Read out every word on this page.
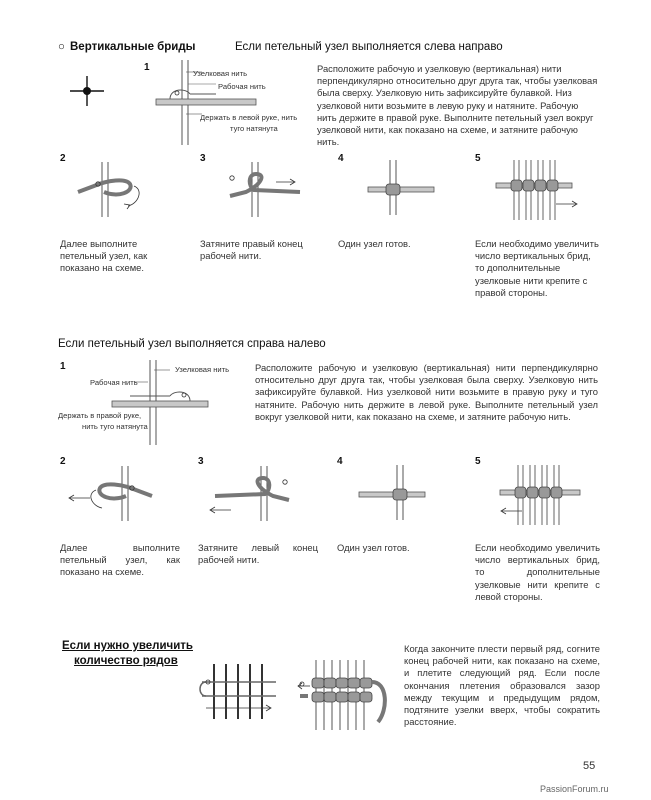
○ Вертикальные бриды	Если петельный узел выполняется слева направо
1
Узелковая нить
Рабочая нить
Держать в левой руке, нить
туго натянута
Расположите рабочую и узелковую (вертикальная) нити перпендикулярно относительно друг друга так, чтобы узелковая была сверху. Узелковую нить зафиксируйте булавкой. Низ узелковой нити возьмите в левую руку и натяните. Рабочую нить держите в правой руке. Выполните петельный узел вокруг узелковой нити, как показано на схеме, и затяните рабочую нить.
2
Далее выполните петельный узел, как показано на схеме.
3
Затяните правый конец рабочей нити.
4
Один узел готов.
5
Если необходимо увеличить число вертикальных брид, то дополнительные узелковые нити крепите с правой стороны.
Если петельный узел выполняется справа налево
1	Узелковая нить
Рабочая нить
Держать в правой руке,
нить туго натянута
Расположите рабочую и узелковую (вертикальная) нити перпендикулярно относительно друг друга так, чтобы узелковая была сверху. Узелковую нить зафиксируйте булавкой. Низ узелковой нити возьмите в правую руку и туго натяните. Рабочую нить держите в левой руке. Выполните петельный узел вокруг узелковой нити, как показано на схеме, и затяните рабочую нить.
2
Далее выполните петельный узел, как показано на схеме.
3
Затяните левый конец рабочей нити.
4
Один узел готов.
5
Если необходимо увеличить число вертикальных брид, то дополнительные узелковые нити крепите с левой стороны.
Если нужно увеличить
количество рядов
Когда закончите плести первый ряд, согните конец рабочей нити, как показано на схеме, и плетите следующий ряд. Если после окончания плетения образовался зазор между текущим и предыдущим рядом, подтяните узелки вверх, чтобы сократить расстояние.
55
PassionForum.ru
